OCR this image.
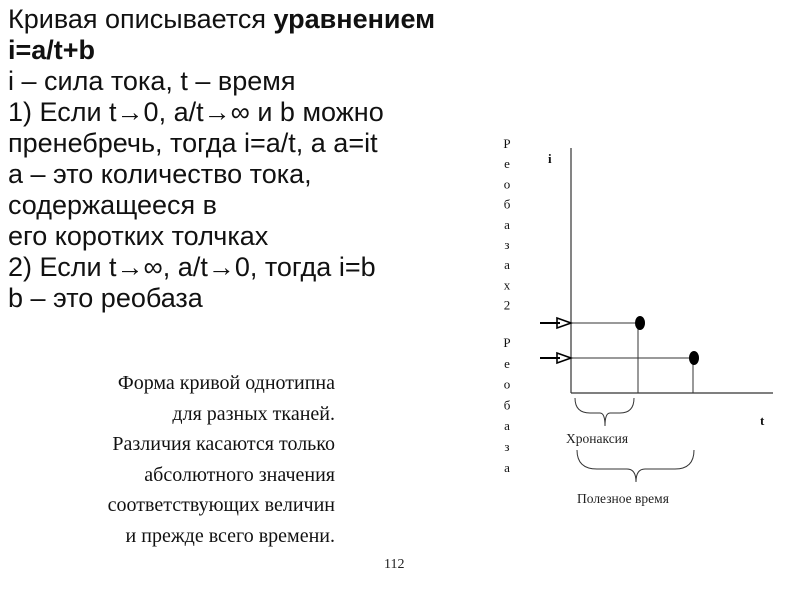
Кривая описывается уравнением
i=a/t+b
i – сила тока, t – время
1) Если t→0, a/t→∞ и b можно
пренебречь, тогда i=a/t, а a=it
a – это количество тока,
содержащееся в
его коротких толчках
2) Если t→∞, a/t→0, тогда i=b
b – это реобаза
Форма кривой однотипна
для разных тканей.
Различия касаются только
абсолютного значения
соответствующих величин
и прежде всего времени.
Р
е
о
б
а
з
а
х
2
Р
е
о
б
а
з
а
i
t
Хронаксия
Полезное время
112
